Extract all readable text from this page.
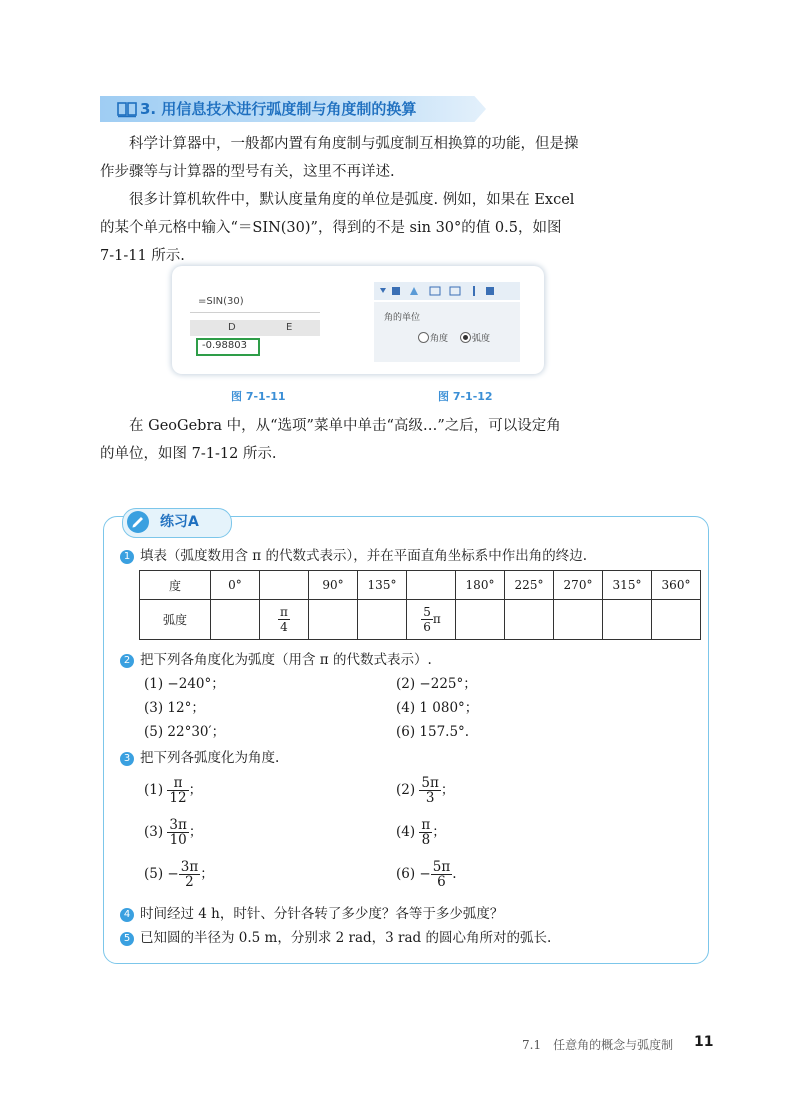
3. 用信息技术进行弧度制与角度制的换算
科学计算器中，一般都内置有角度制与弧度制互相换算的功能，但是操
作步骤等与计算器的型号有关，这里不再详述.
很多计算机软件中，默认度量角度的单位是弧度. 例如，如果在 Excel
的某个单元格中输入“＝SIN(30)”，得到的不是 sin 30°的值 0.5，如图
7-1-11 所示.
=SIN(30)
D	E
-0.98803
角的单位
角度	弧度
图 7-1-11	图 7-1-12
在 GeoGebra 中，从“选项”菜单中单击“高级…”之后，可以设定角
的单位，如图 7-1-12 所示.
练习A
1 填表（弧度数用含 π 的代数式表示），并在平面直角坐标系中作出角的终边.
度	0°		90°	135°		180°	225°	270°	315°	360°
弧度		$\frac{\pi}{4}$			$\frac{5}{6}$ π					
2 把下列各角度化为弧度（用含 π 的代数式表示）.
(1) −240°；	(2) −225°；
(3) 12°；	(4) 1 080°；
(5) 22°30′；	(6) 157.5°.
3 把下列各弧度化为角度.
$(1) \frac{\pi}{12}$ ；	$(2) \frac{5\pi}{3}$ ；
$(3) \frac{3\pi}{10}$ ；	$(4) \frac{\pi}{8}$ ；
$(5) - \frac{3\pi}{2}$ ；	$(6) - \frac{5\pi}{6}$ .
4 时间经过 4 h，时针、分针各转了多少度？各等于多少弧度？
5 已知圆的半径为 0.5 m，分别求 2 rad，3 rad 的圆心角所对的弧长.
7.1　任意角的概念与弧度制 11
